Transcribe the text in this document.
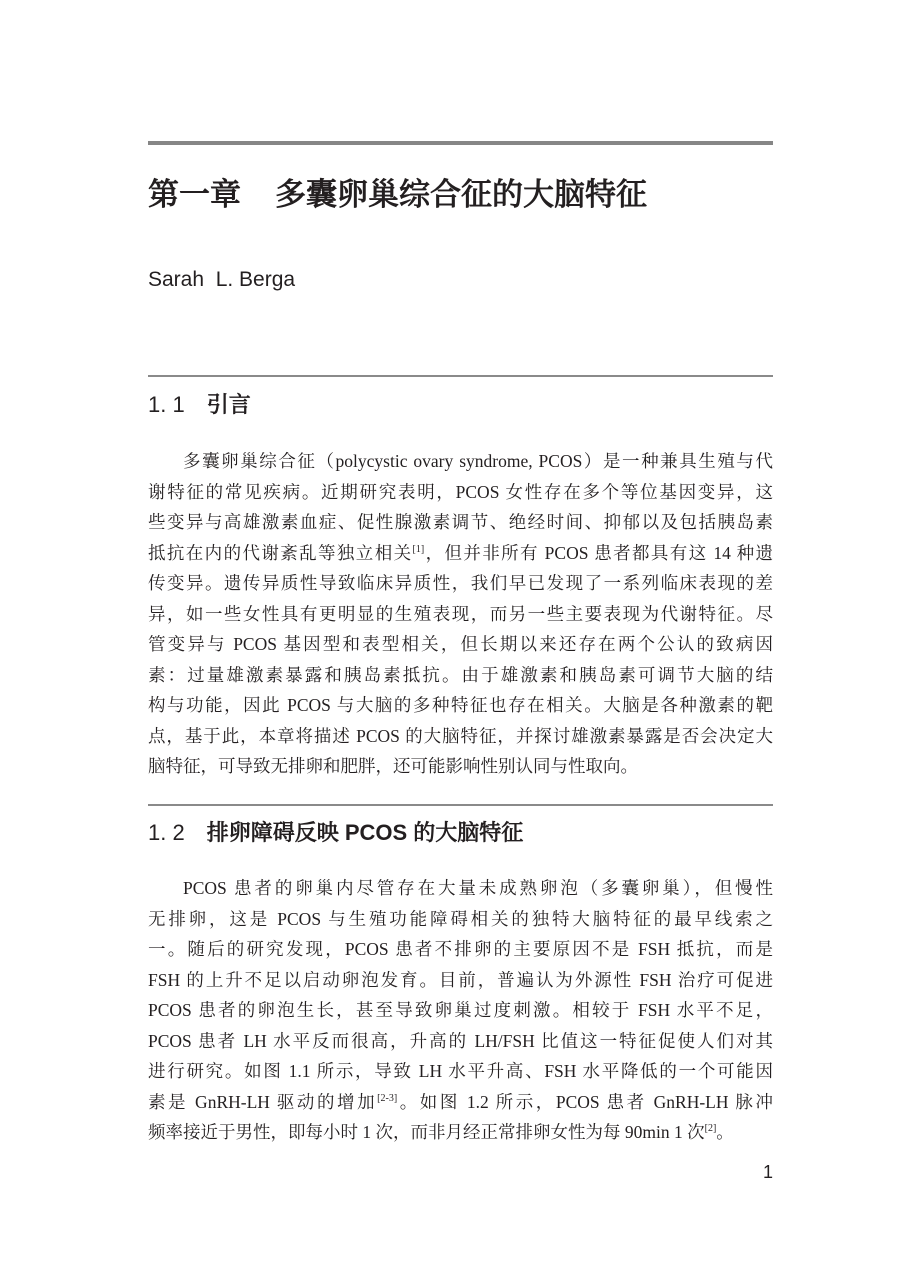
第一章 多囊卵巢综合征的大脑特征
Sarah  L. Berga
1. 1 引言
多囊卵巢综合征（polycystic ovary syndrome, PCOS）是一种兼具生殖与代
谢特征的常见疾病。近期研究表明，PCOS 女性存在多个等位基因变异，这
些变异与高雄激素血症、促性腺激素调节、绝经时间、抑郁以及包括胰岛素
抵抗在内的代谢紊乱等独立相关[1]，但并非所有 PCOS 患者都具有这 14 种遗
传变异。遗传异质性导致临床异质性，我们早已发现了一系列临床表现的差
异，如一些女性具有更明显的生殖表现，而另一些主要表现为代谢特征。尽
管变异与 PCOS 基因型和表型相关，但长期以来还存在两个公认的致病因
素：过量雄激素暴露和胰岛素抵抗。由于雄激素和胰岛素可调节大脑的结
构与功能，因此 PCOS 与大脑的多种特征也存在相关。大脑是各种激素的靶
点，基于此，本章将描述 PCOS 的大脑特征，并探讨雄激素暴露是否会决定大
脑特征，可导致无排卵和肥胖，还可能影响性别认同与性取向。
1. 2 排卵障碍反映 PCOS 的大脑特征
PCOS 患者的卵巢内尽管存在大量未成熟卵泡（多囊卵巢），但慢性
无排卵，这是 PCOS 与生殖功能障碍相关的独特大脑特征的最早线索之
一。随后的研究发现，PCOS 患者不排卵的主要原因不是 FSH 抵抗，而是
FSH 的上升不足以启动卵泡发育。目前，普遍认为外源性 FSH 治疗可促进
PCOS 患者的卵泡生长，甚至导致卵巢过度刺激。相较于 FSH 水平不足，
PCOS 患者 LH 水平反而很高，升高的 LH/FSH 比值这一特征促使人们对其
进行研究。如图 1.1 所示，导致 LH 水平升高、FSH 水平降低的一个可能因
素是 GnRH-LH 驱动的增加[2-3]。如图 1.2 所示，PCOS 患者 GnRH-LH 脉冲
频率接近于男性，即每小时 1 次，而非月经正常排卵女性为每 90min 1 次[2]。
1
